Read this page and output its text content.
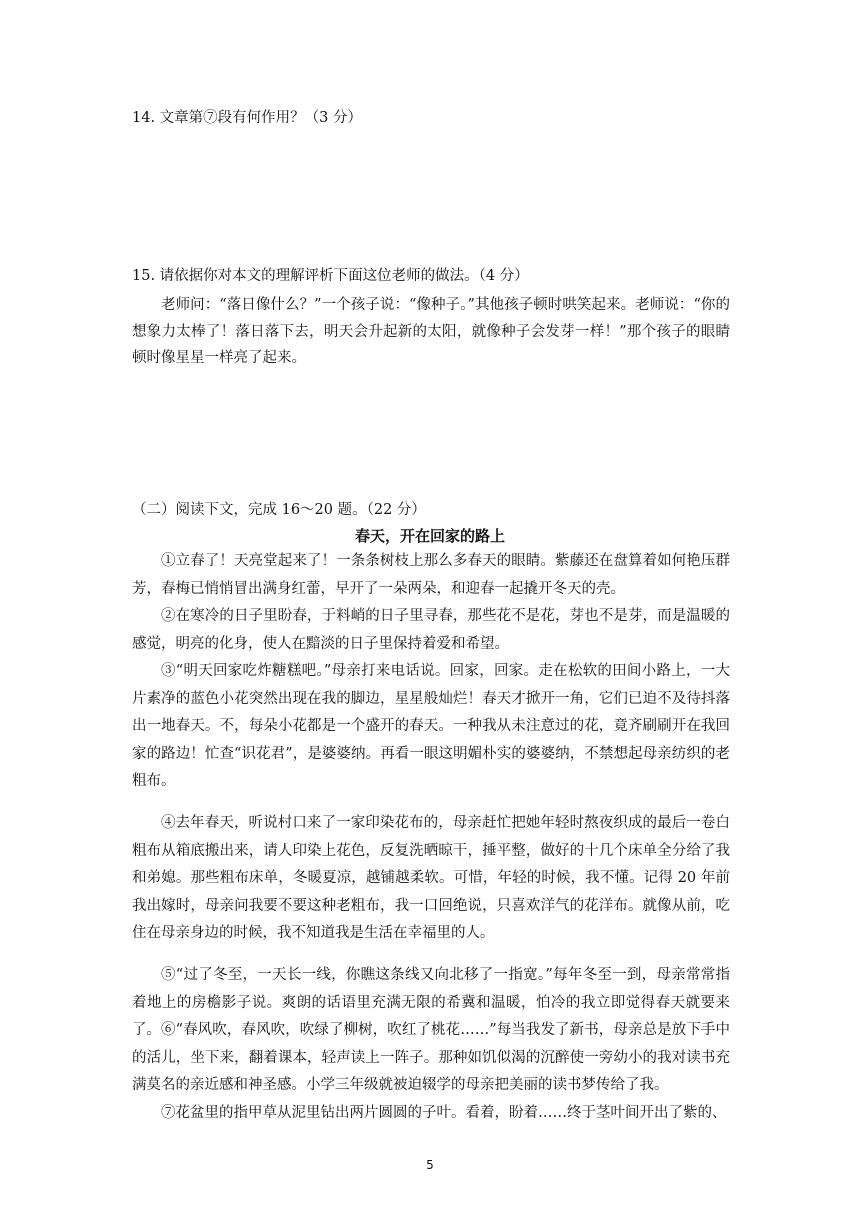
14. 文章第⑦段有何作用？（3 分）
15. 请依据你对本文的理解评析下面这位老师的做法。（4 分）
老师问：“落日像什么？”一个孩子说：“像种子。”其他孩子顿时哄笑起来。老师说：“你的想象力太棒了！落日落下去，明天会升起新的太阳，就像种子会发芽一样！”那个孩子的眼睛顿时像星星一样亮了起来。
（二）阅读下文，完成 16～20 题。（22 分）
春天，开在回家的路上
①立春了！天亮堂起来了！一条条树枝上那么多春天的眼睛。紫藤还在盘算着如何艳压群芳，春梅已悄悄冒出满身红蕾，早开了一朵两朵，和迎春一起撬开冬天的壳。
②在寒冷的日子里盼春，于料峭的日子里寻春，那些花不是花，芽也不是芽，而是温暖的感觉，明亮的化身，使人在黯淡的日子里保持着爱和希望。
③“明天回家吃炸糖糕吧。”母亲打来电话说。回家，回家。走在松软的田间小路上，一大片素净的蓝色小花突然出现在我的脚边，星星般灿烂！春天才掀开一角，它们已迫不及待抖落出一地春天。不，每朵小花都是一个盛开的春天。一种我从未注意过的花，竟齐刷刷开在我回家的路边！忙查“识花君”，是婆婆纳。再看一眼这明媚朴实的婆婆纳，不禁想起母亲纺织的老粗布。
④去年春天，听说村口来了一家印染花布的，母亲赶忙把她年轻时熬夜织成的最后一卷白粗布从箱底搬出来，请人印染上花色，反复洗晒晾干，捶平整，做好的十几个床单全分给了我和弟媳。那些粗布床单，冬暖夏凉，越铺越柔软。可惜，年轻的时候，我不懂。记得 20 年前我出嫁时，母亲问我要不要这种老粗布，我一口回绝说，只喜欢洋气的花洋布。就像从前，吃住在母亲身边的时候，我不知道我是生活在幸福里的人。
⑤“过了冬至，一天长一线，你瞧这条线又向北移了一指宽。”每年冬至一到，母亲常常指着地上的房檐影子说。爽朗的话语里充满无限的希冀和温暖，怕冷的我立即觉得春天就要来了。 ⑥“春风吹，春风吹，吹绿了柳树，吹红了桃花……”每当我发了新书，母亲总是放下手中的活儿，坐下来，翻着课本，轻声读上一阵子。那种如饥似渴的沉醉使一旁幼小的我对读书充满莫名的亲近感和神圣感。小学三年级就被迫辍学的母亲把美丽的读书梦传给了我。
⑦花盆里的指甲草从泥里钻出两片圆圆的子叶。看着，盼着……终于茎叶间开出了紫的、
5
